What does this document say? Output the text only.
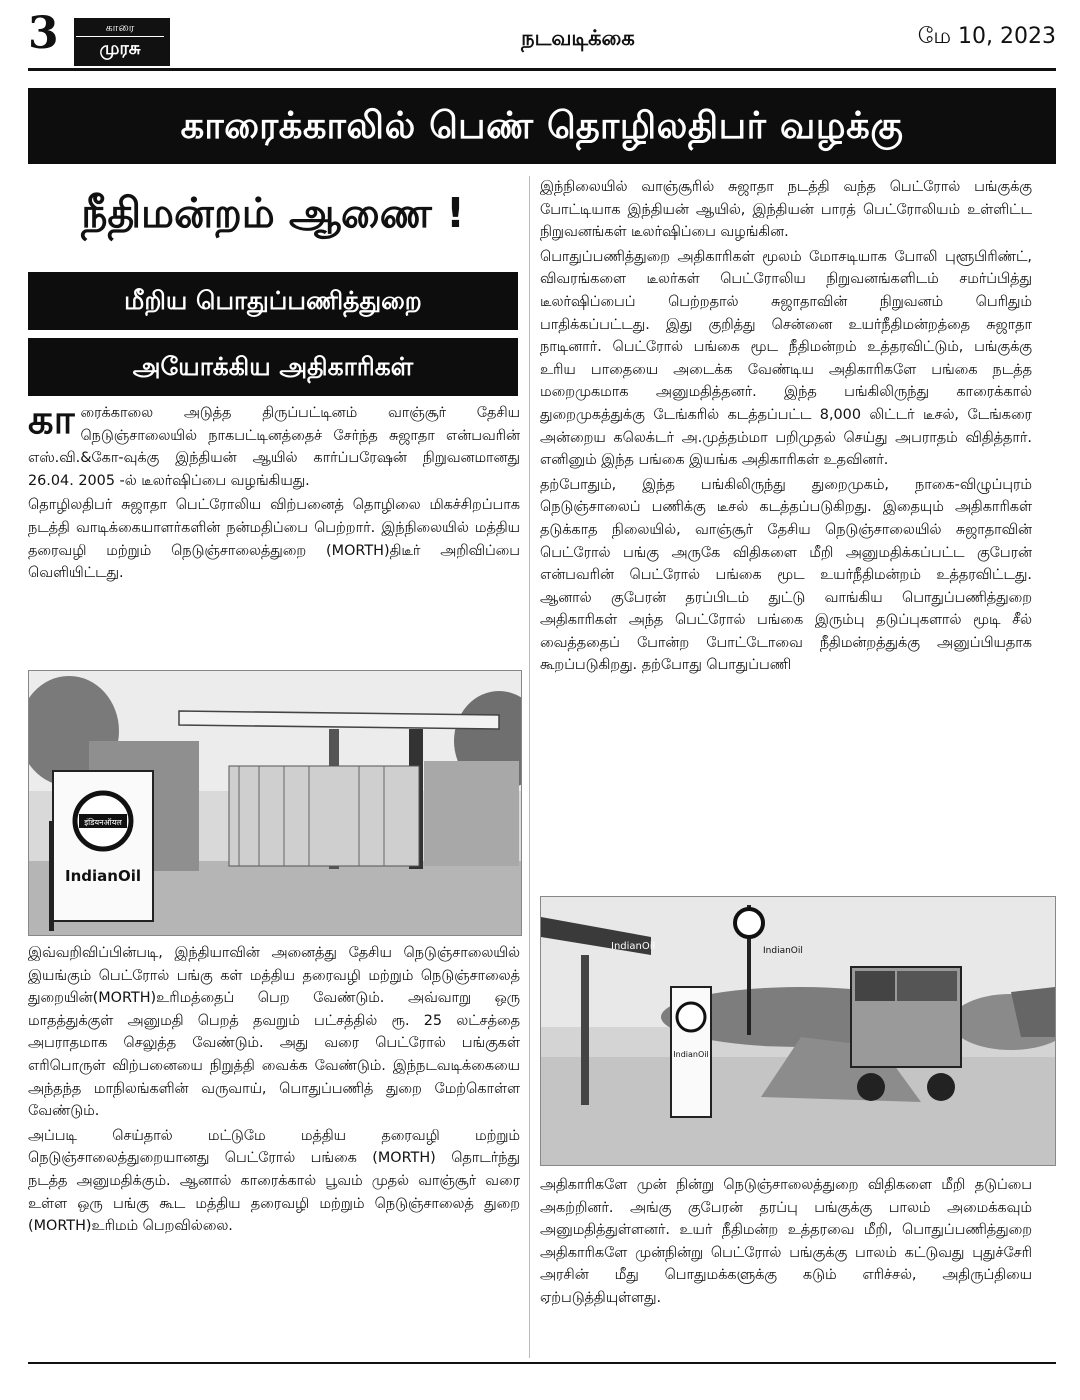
3	காரை
முரசு	நடவடிக்கை	மே 10, 2023
காரைக்காலில் பெண் தொழிலதிபர் வழக்கு
நீதிமன்றம் ஆணை !
மீறிய பொதுப்பணித்துறை
அயோக்கிய அதிகாரிகள்

காரைக்காலை அடுத்த திருப்பட்டினம் வாஞ்சூர் தேசிய நெடுஞ்சாலையில் நாகபட்டினத்தைச் சேர்ந்த சுஜாதா என்பவரின் எஸ்.வி.&கோ-வுக்கு இந்தியன் ஆயில் கார்ப்பரேஷன் நிறுவனமானது 26.04. 2005 -ல் டீலர்ஷிப்பை வழங்கியது.

தொழிலதிபர் சுஜாதா பெட்ரோலிய விற்பனைத் தொழிலை மிகச்சிறப்பாக நடத்தி வாடிக்கையாளர்களின் நன்மதிப்பை பெற்றார். இந்நிலையில் மத்திய தரைவழி மற்றும் நெடுஞ்சாலைத்துறை (MORTH)திடீர் அறிவிப்பை வெளியிட்டது.

इंडियनऑयल
IndianOil

இவ்வறிவிப்பின்படி, இந்தியாவின் அனைத்து தேசிய நெடுஞ்சாலையில் இயங்கும் பெட்ரோல் பங்கு கள் மத்திய தரைவழி மற்றும் நெடுஞ்சாலைத் துறையின்(MORTH)உரிமத்தைப் பெற வேண்டும். அவ்வாறு ஒரு மாதத்துக்குள் அனுமதி பெறத் தவறும் பட்சத்தில் ரூ. 25 லட்சத்தை அபராதமாக செலுத்த வேண்டும். அது வரை பெட்ரோல் பங்குகள் எரிபொருள் விற்பனையை நிறுத்தி வைக்க வேண்டும். இந்நடவடிக்கையை அந்தந்த மாநிலங்களின் வருவாய், பொதுப்பணித் துறை மேற்கொள்ள வேண்டும்.

அப்படி செய்தால் மட்டுமே மத்திய தரைவழி மற்றும் நெடுஞ்சாலைத்துறையானது பெட்ரோல் பங்கை (MORTH) தொடர்ந்து நடத்த அனுமதிக்கும். ஆனால் காரைக்கால் பூவம் முதல் வாஞ்சூர் வரை உள்ள ஒரு பங்கு கூட மத்திய தரைவழி மற்றும் நெடுஞ்சாலைத் துறை (MORTH)உரிமம் பெறவில்லை.

இந்நிலையில் வாஞ்சூரில் சுஜாதா நடத்தி வந்த பெட்ரோல் பங்குக்கு போட்டியாக இந்தியன் ஆயில், இந்தியன் பாரத் பெட்ரோலியம் உள்ளிட்ட நிறுவனங்கள் டீலர்ஷிப்பை வழங்கின.

பொதுப்பணித்துறை அதிகாரிகள் மூலம் மோசடியாக போலி புளூபிரிண்ட், விவரங்களை டீலர்கள் பெட்ரோலிய நிறுவனங்களிடம் சமர்ப்பித்து டீலர்ஷிப்பைப் பெற்றதால் சுஜாதாவின் நிறுவனம் பெரிதும் பாதிக்கப்பட்டது. இது குறித்து சென்னை உயர்நீதிமன்றத்தை சுஜாதா நாடினார். பெட்ரோல் பங்கை மூட நீதிமன்றம் உத்தரவிட்டும், பங்குக்கு உரிய பாதையை அடைக்க வேண்டிய அதிகாரிகளே பங்கை நடத்த மறைமுகமாக அனுமதித்தனர். இந்த பங்கிலிருந்து காரைக்கால் துறைமுகத்துக்கு டேங்கரில் கடத்தப்பட்ட 8,000 லிட்டர் டீசல், டேங்கரை அன்றைய கலெக்டர் அ.முத்தம்மா பறிமுதல் செய்து அபராதம் விதித்தார். எனினும் இந்த பங்கை இயங்க அதிகாரிகள் உதவினர்.

தற்போதும், இந்த பங்கிலிருந்து துறைமுகம், நாகை-விழுப்புரம் நெடுஞ்சாலைப் பணிக்கு டீசல் கடத்தப்படுகிறது. இதையும் அதிகாரிகள் தடுக்காத நிலையில், வாஞ்சூர் தேசிய நெடுஞ்சாலையில் சுஜாதாவின் பெட்ரோல் பங்கு அருகே விதிகளை மீறி அனுமதிக்கப்பட்ட குபேரன் என்பவரின் பெட்ரோல் பங்கை மூட உயர்நீதிமன்றம் உத்தரவிட்டது. ஆனால் குபேரன் தரப்பிடம் துட்டு வாங்கிய பொதுப்பணித்துறை அதிகாரிகள் அந்த பெட்ரோல் பங்கை இரும்பு தடுப்புகளால் மூடி சீல் வைத்ததைப் போன்ற போட்டோவை நீதிமன்றத்துக்கு அனுப்பியதாக கூறப்படுகிறது. தற்போது பொதுப்பணி

IndianOil	IndianOil
IndianOil

அதிகாரிகளே முன் நின்று நெடுஞ்சாலைத்துறை விதிகளை மீறி தடுப்பை அகற்றினர். அங்கு குபேரன் தரப்பு பங்குக்கு பாலம் அமைக்கவும் அனுமதித்துள்ளனர். உயர் நீதிமன்ற உத்தரவை மீறி, பொதுப்பணித்துறை அதிகாரிகளே முன்நின்று பெட்ரோல் பங்குக்கு பாலம் கட்டுவது புதுச்சேரி அரசின் மீது பொதுமக்களுக்கு கடும் எரிச்சல், அதிருப்தியை ஏற்படுத்தியுள்ளது.
